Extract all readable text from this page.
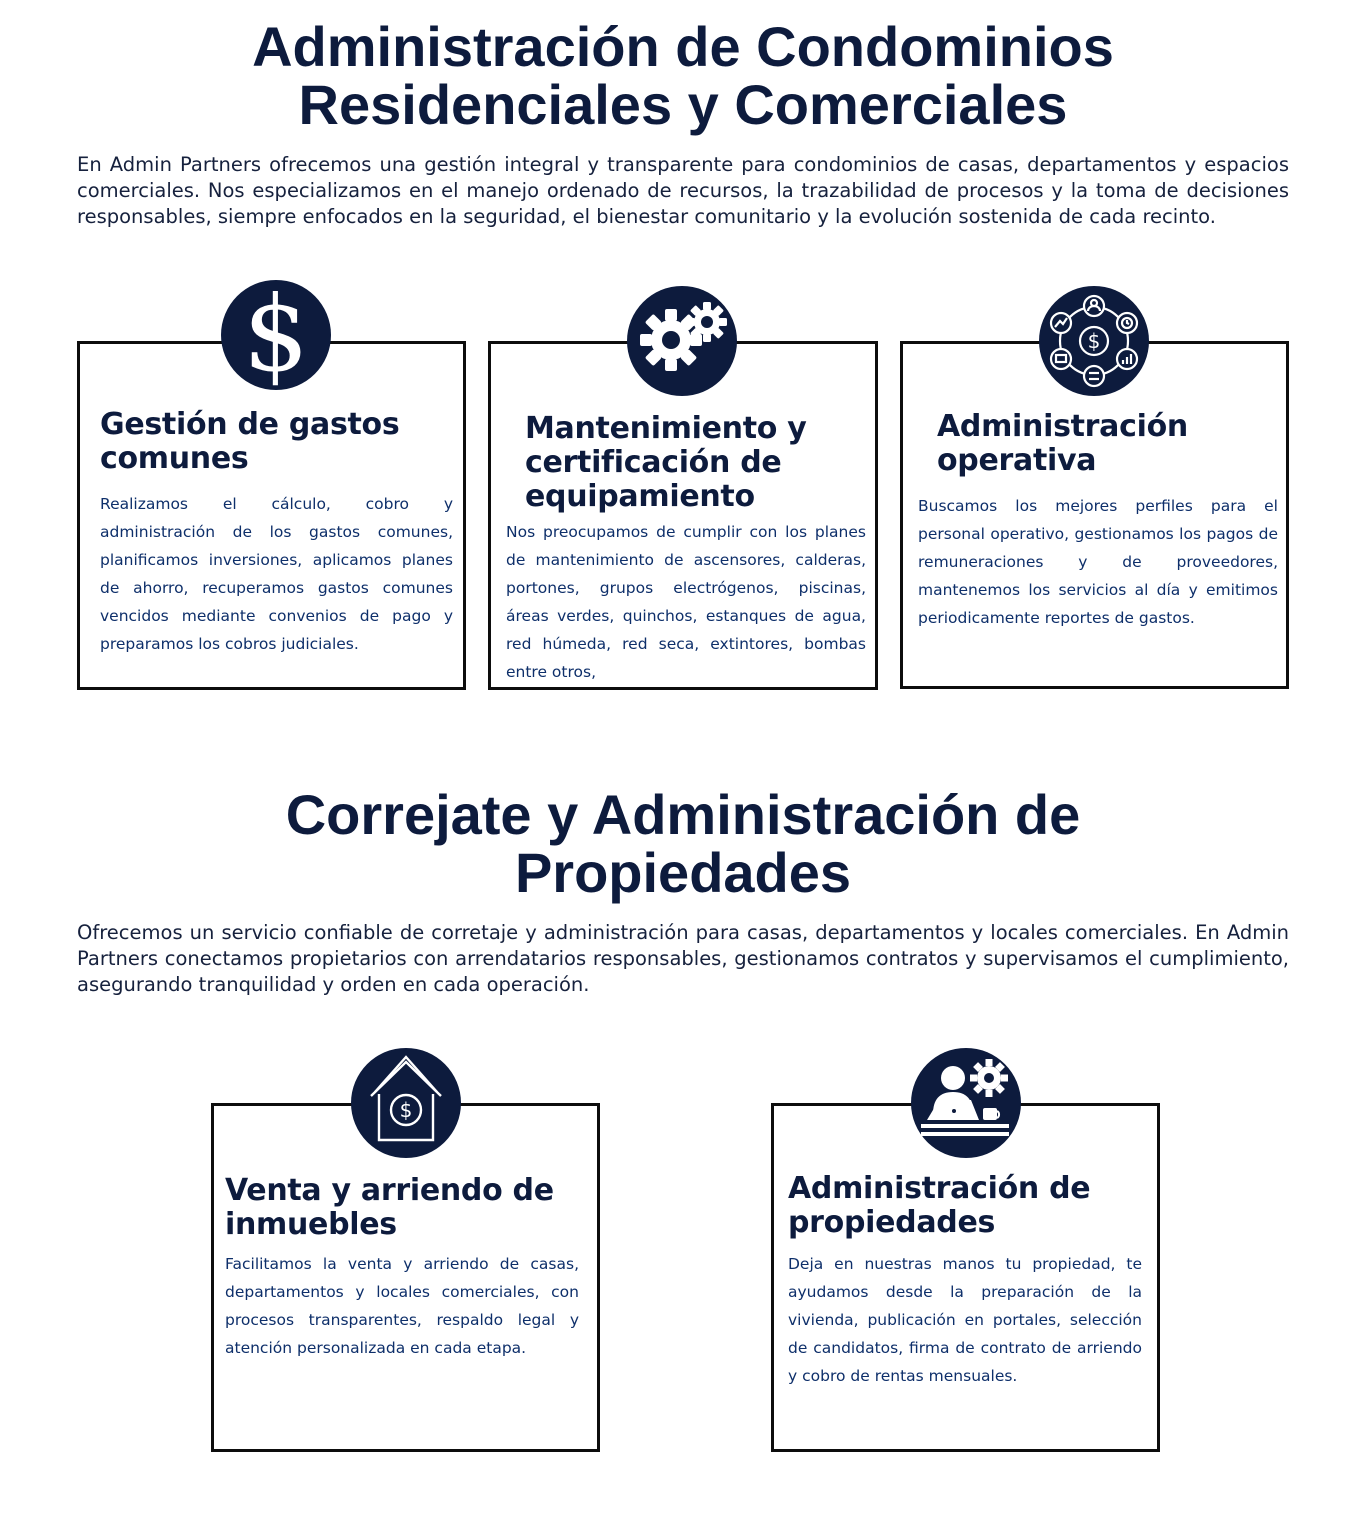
Administración de Condominios
Residenciales y Comerciales

En Admin Partners ofrecemos una gestión integral y transparente para condominios de casas, departamentos y espacios comerciales. Nos especializamos en el manejo ordenado de recursos, la trazabilidad de procesos y la toma de decisiones responsables, siempre enfocados en la seguridad, el bienestar comunitario y la evolución sostenida de cada recinto.

Gestión de gastos comunes
Realizamos el cálculo, cobro y administración de los gastos comunes, planificamos inversiones, aplicamos planes de ahorro, recuperamos gastos comunes vencidos mediante convenios de pago y preparamos los cobros judiciales.
$
Mantenimiento y certificación de equipamiento
Nos preocupamos de cumplir con los planes de mantenimiento de ascensores, calderas, portones, grupos electrógenos, piscinas, áreas verdes, quinchos, estanques de agua, red húmeda, red seca, extintores, bombas entre otros,
Administración operativa
Buscamos los mejores perfiles para el personal operativo, gestionamos los pagos de remuneraciones y de proveedores, mantenemos los servicios al día y emitimos periodicamente reportes de gastos.
$
Correjate y Administración de
Propiedades

Ofrecemos un servicio confiable de corretaje y administración para casas, departamentos y locales comerciales. En Admin Partners conectamos propietarios con arrendatarios responsables, gestionamos contratos y supervisamos el cumplimiento, asegurando tranquilidad y orden en cada operación.

Venta y arriendo de inmuebles
Facilitamos la venta y arriendo de casas, departamentos y locales comerciales, con procesos transparentes, respaldo legal y atención personalizada en cada etapa.
$
Administración de propiedades
Deja en nuestras manos tu propiedad, te ayudamos desde la preparación de la vivienda, publicación en portales, selección de candidatos, firma de contrato de arriendo y cobro de rentas mensuales.
